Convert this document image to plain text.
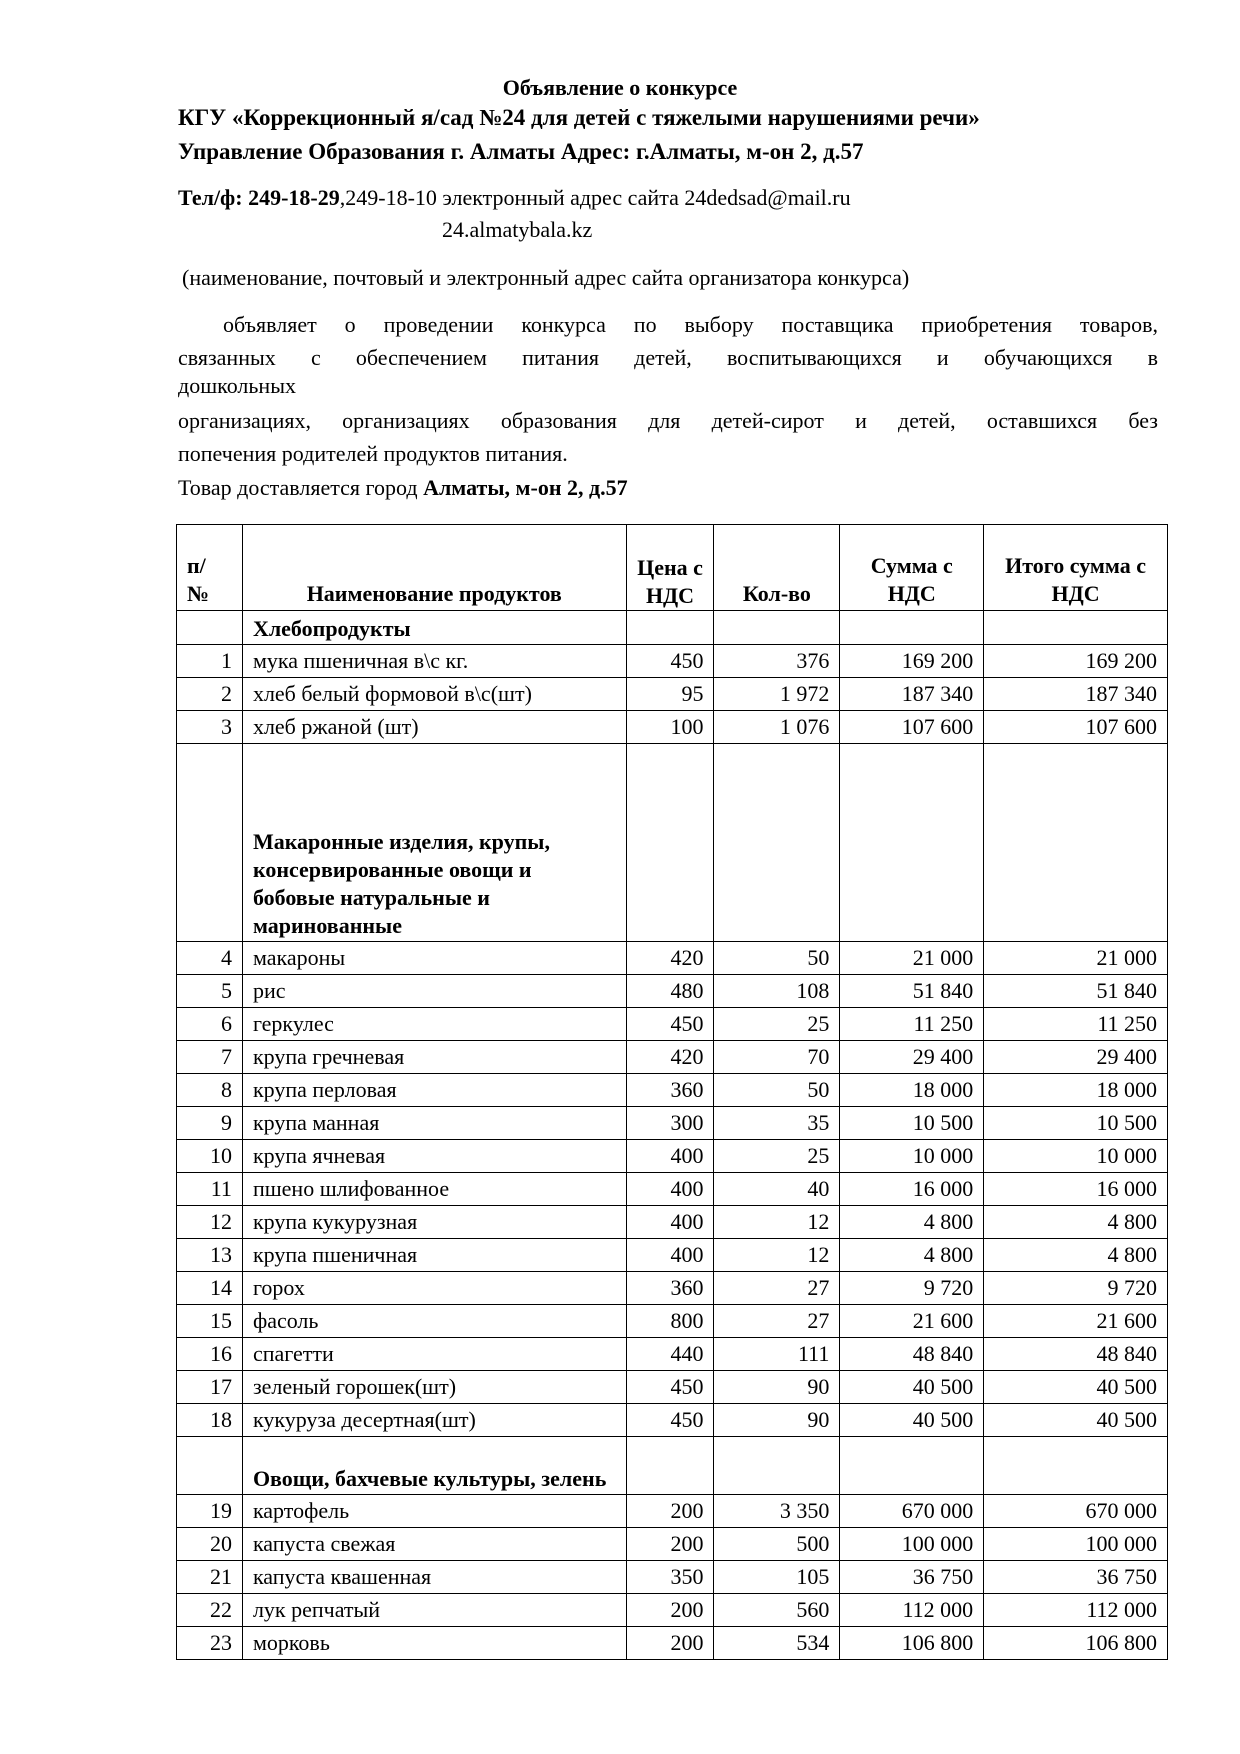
Объявление о конкурсе
КГУ «Коррекционный я/сад №24 для детей с тяжелыми нарушениями речи»
Управление Образования г. Алматы Адрес: г.Алматы, м-он 2, д.57
Тел/ф: 249-18-29,249-18-10 электронный адрес сайта 24dedsad@mail.ru
24.almatybala.kz
(наименование, почтовый и электронный адрес сайта организатора конкурса)
объявляет о проведении конкурса по выбору поставщика приобретения товаров,
связанных с обеспечением питания детей, воспитывающихся и обучающихся в
дошкольных
организациях, организациях образования для детей-сирот и детей, оставшихся без
попечения родителей продуктов питания.
Товар доставляется город Алматы, м-он 2, д.57
п/ №	Наименование продуктов	Цена с НДС	Кол-во	Сумма с НДС	Итого сумма с НДС
	Хлебопродукты				
1	мука пшеничная в\с кг.	450	376	169 200	169 200
2	хлеб белый формовой в\с(шт)	95	1 972	187 340	187 340
3	хлеб ржаной (шт)	100	1 076	107 600	107 600
	Макаронные изделия, крупы, консервированные овощи и бобовые натуральные и маринованные				
4	макароны	420	50	21 000	21 000
5	рис	480	108	51 840	51 840
6	геркулес	450	25	11 250	11 250
7	крупа гречневая	420	70	29 400	29 400
8	крупа перловая	360	50	18 000	18 000
9	крупа манная	300	35	10 500	10 500
10	крупа ячневая	400	25	10 000	10 000
11	пшено шлифованное	400	40	16 000	16 000
12	крупа кукурузная	400	12	4 800	4 800
13	крупа пшеничная	400	12	4 800	4 800
14	горох	360	27	9 720	9 720
15	фасоль	800	27	21 600	21 600
16	спагетти	440	111	48 840	48 840
17	зеленый горошек(шт)	450	90	40 500	40 500
18	кукуруза десертная(шт)	450	90	40 500	40 500
	Овощи, бахчевые культуры, зелень				
19	картофель	200	3 350	670 000	670 000
20	капуста свежая	200	500	100 000	100 000
21	капуста квашенная	350	105	36 750	36 750
22	лук репчатый	200	560	112 000	112 000
23	морковь	200	534	106 800	106 800
